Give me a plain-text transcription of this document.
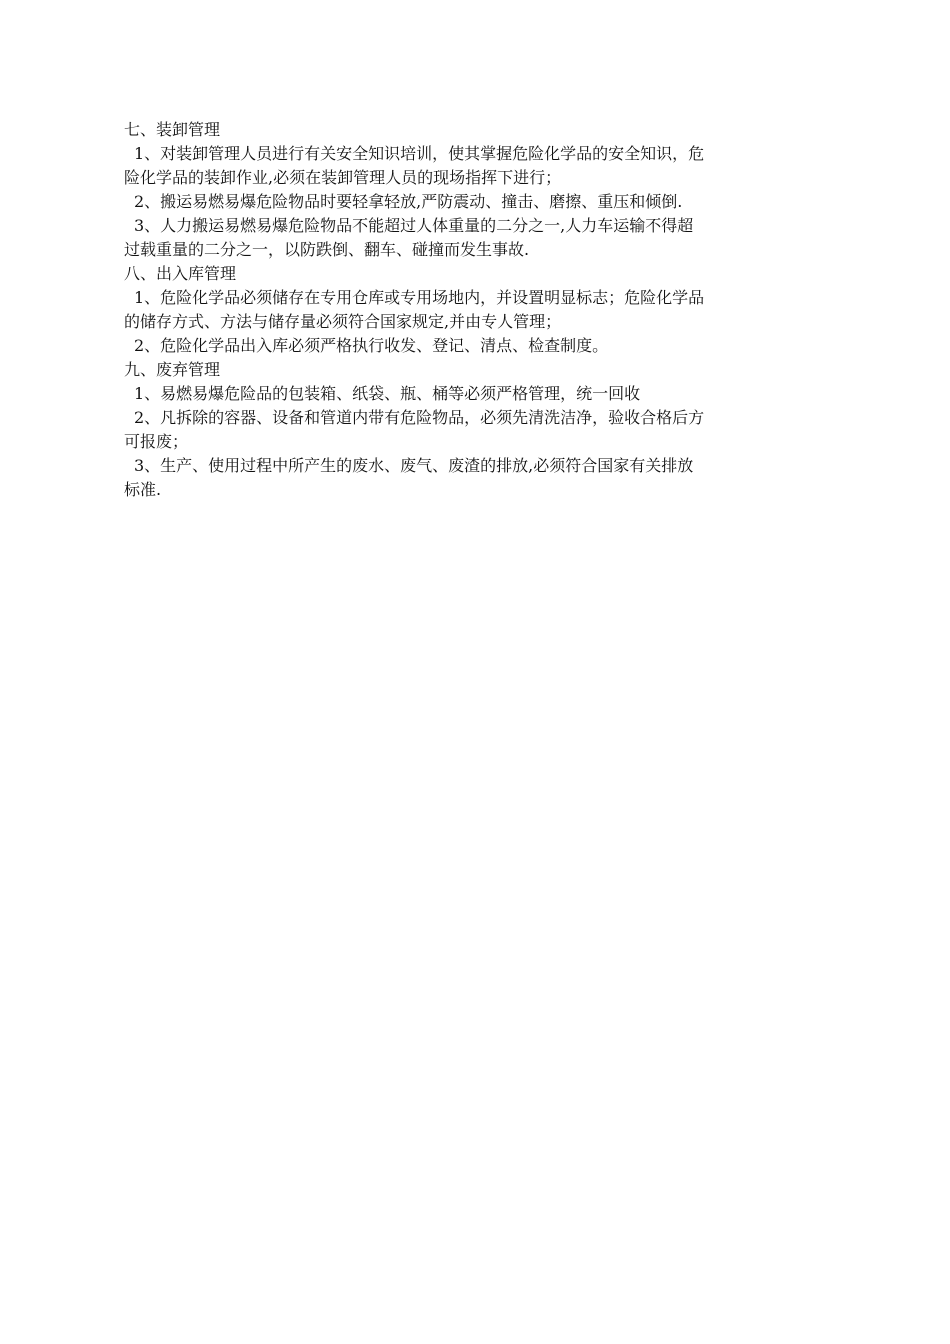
七、装卸管理
1、对装卸管理人员进行有关安全知识培训，使其掌握危险化学品的安全知识，危
险化学品的装卸作业,必须在装卸管理人员的现场指挥下进行；
2、搬运易燃易爆危险物品时要轻拿轻放,严防震动、撞击、磨擦、重压和倾倒.
3、人力搬运易燃易爆危险物品不能超过人体重量的二分之一,人力车运输不得超
过载重量的二分之一，以防跌倒、翻车、碰撞而发生事故.
八、出入库管理
1、危险化学品必须储存在专用仓库或专用场地内，并设置明显标志；危险化学品
的储存方式、方法与储存量必须符合国家规定,并由专人管理；
2、危险化学品出入库必须严格执行收发、登记、清点、检查制度。
九、废弃管理
1、易燃易爆危险品的包装箱、纸袋、瓶、桶等必须严格管理，统一回收
2、凡拆除的容器、设备和管道内带有危险物品，必须先清洗洁净，验收合格后方
可报废；
3、生产、使用过程中所产生的废水、废气、废渣的排放,必须符合国家有关排放
标准.
